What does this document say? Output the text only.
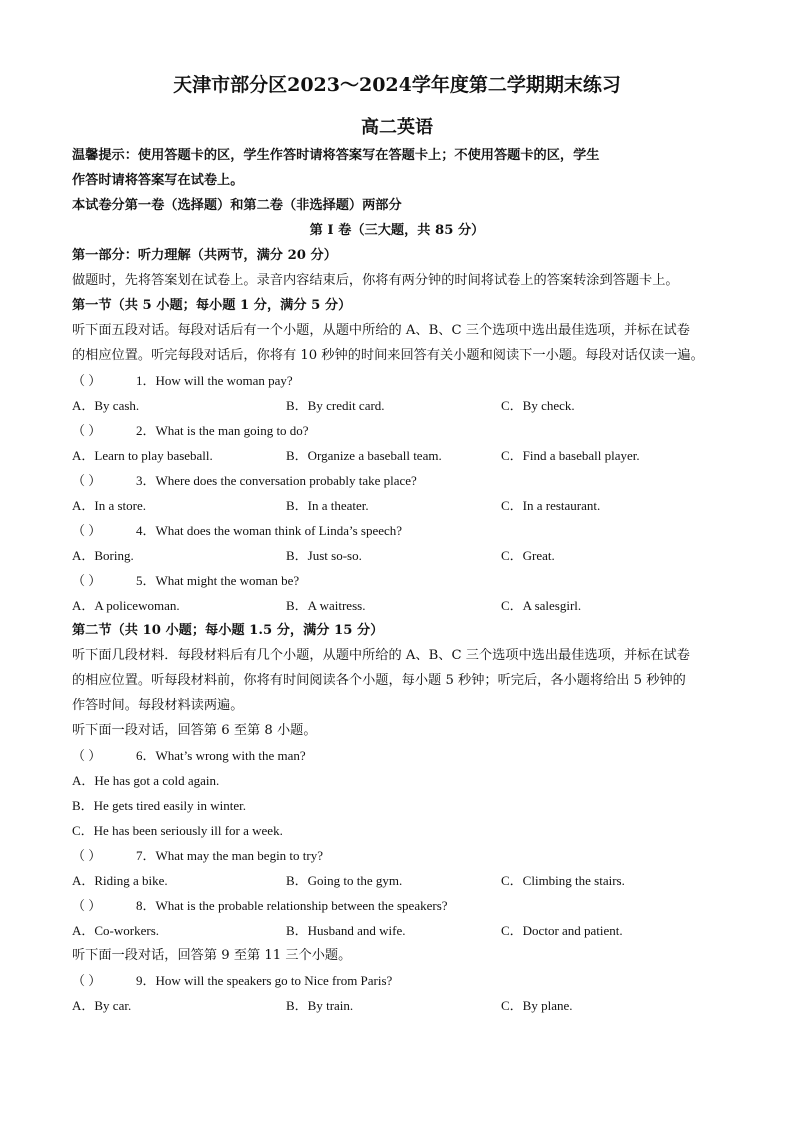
天津市部分区2023～2024学年度第二学期期末练习
高二英语
温馨提示：使用答题卡的区，学生作答时请将答案写在答题卡上；不使用答题卡的区，学生
作答时请将答案写在试卷上。
本试卷分第一卷（选择题）和第二卷（非选择题）两部分
第 I 卷（三大题，共 85 分）
第一部分：听力理解（共两节，满分 20 分）
做题时，先将答案划在试卷上。录音内容结束后，你将有两分钟的时间将试卷上的答案转涂到答题卡上。
第一节（共 5 小题；每小题 1 分，满分 5 分）
听下面五段对话。每段对话后有一个小题，从题中所给的 A、B、C 三个选项中选出最佳选项，并标在试卷
的相应位置。听完每段对话后，你将有 10 秒钟的时间来回答有关小题和阅读下一小题。每段对话仅读一遍。
（ ）	1．How will the woman pay?
A．By cash.	B．By credit card.	C．By check.
（ ）	2．What is the man going to do?
A．Learn to play baseball.	B．Organize a baseball team.	C．Find a baseball player.
（ ）	3．Where does the conversation probably take place?
A．In a store.	B．In a theater.	C．In a restaurant.
（ ）	4．What does the woman think of Linda’s speech?
A．Boring.	B．Just so-so.	C．Great.
（ ）	5．What might the woman be?
A．A policewoman.	B．A waitress.	C．A salesgirl.
第二节（共 10 小题；每小题 1.5 分，满分 15 分）
听下面几段材料．每段材料后有几个小题，从题中所给的 A、B、C 三个选项中选出最佳选项，并标在试卷
的相应位置。听每段材料前，你将有时间阅读各个小题，每小题 5 秒钟；听完后，各小题将给出 5 秒钟的
作答时间。每段材料读两遍。
听下面一段对话，回答第 6 至第 8 小题。
（ ）	6．What’s wrong with the man?
A．He has got a cold again.
B．He gets tired easily in winter.
C．He has been seriously ill for a week.
（ ）	7．What may the man begin to try?
A．Riding a bike.	B．Going to the gym.	C．Climbing the stairs.
（ ）	8．What is the probable relationship between the speakers?
A．Co-workers.	B．Husband and wife.	C．Doctor and patient.
听下面一段对话，回答第 9 至第 11 三个小题。
（ ）	9．How will the speakers go to Nice from Paris?
A．By car.	B．By train.	C．By plane.
